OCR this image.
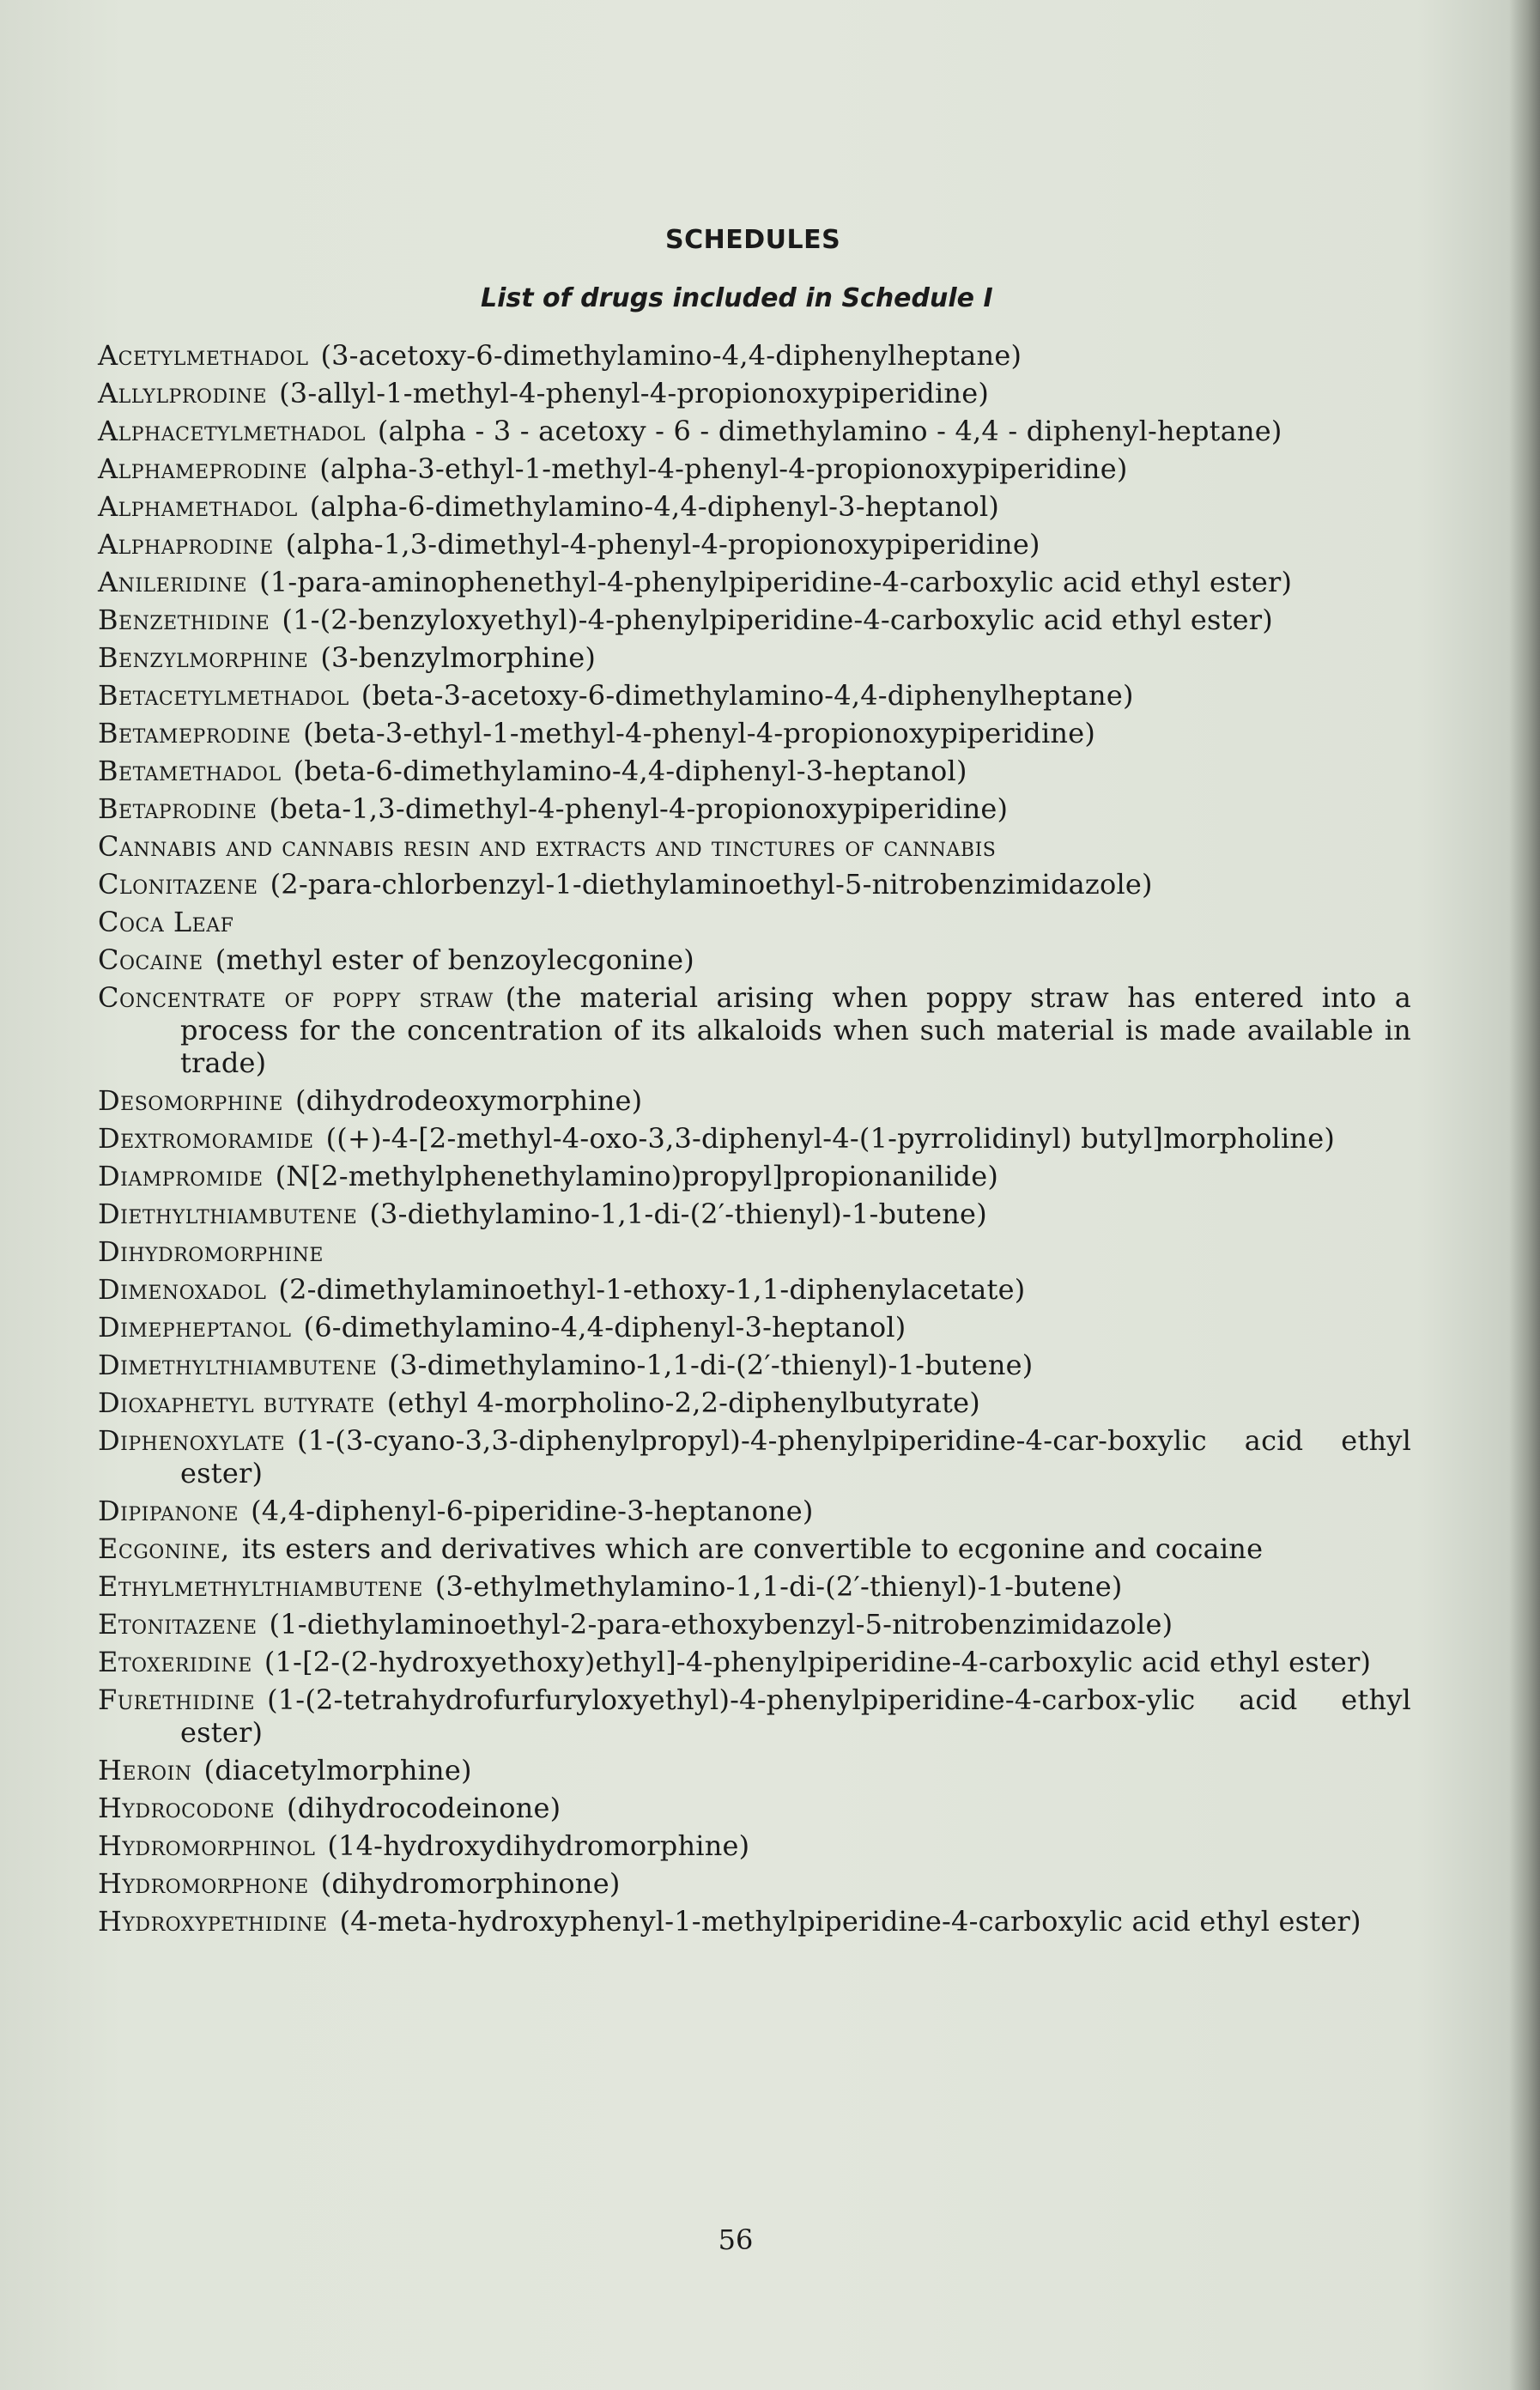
SCHEDULES
List of drugs included in Schedule I

Acetylmethadol (3-acetoxy-6-dimethylamino-4,4-diphenylheptane)

Allylprodine (3-allyl-1-methyl-4-phenyl-4-propionoxypiperidine)

Alphacetylmethadol (alpha - 3 - acetoxy - 6 - dimethylamino - 4,4 - diphenyl-heptane)

Alphameprodine (alpha-3-ethyl-1-methyl-4-phenyl-4-propionoxypiperidine)

Alphamethadol (alpha-6-dimethylamino-4,4-diphenyl-3-heptanol)

Alphaprodine (alpha-1,3-dimethyl-4-phenyl-4-propionoxypiperidine)

Anileridine (1-para-aminophenethyl-4-phenylpiperidine-4-carboxylic acid ethyl ester)

Benzethidine (1-(2-benzyloxyethyl)-4-phenylpiperidine-4-carboxylic acid ethyl ester)

Benzylmorphine (3-benzylmorphine)

Betacetylmethadol (beta-3-acetoxy-6-dimethylamino-4,4-diphenylheptane)

Betameprodine (beta-3-ethyl-1-methyl-4-phenyl-4-propionoxypiperidine)

Betamethadol (beta-6-dimethylamino-4,4-diphenyl-3-heptanol)

Betaprodine (beta-1,3-dimethyl-4-phenyl-4-propionoxypiperidine)

Cannabis and cannabis resin and extracts and tinctures of cannabis

Clonitazene (2-para-chlorbenzyl-1-diethylaminoethyl-5-nitrobenzimidazole)

Coca Leaf

Cocaine (methyl ester of benzoylecgonine)

Concentrate of poppy straw (the material arising when poppy straw has entered into a process for the concentration of its alkaloids when such material is made available in trade)

Desomorphine (dihydrodeoxymorphine)

Dextromoramide ((+)-4-[2-methyl-4-oxo-3,3-diphenyl-4-(1-pyrrolidinyl) butyl]morpholine)

Diampromide (N[2-methylphenethylamino)propyl]propionanilide)

Diethylthiambutene (3-diethylamino-1,1-di-(2′-thienyl)-1-butene)

Dihydromorphine

Dimenoxadol (2-dimethylaminoethyl-1-ethoxy-1,1-diphenylacetate)

Dimepheptanol (6-dimethylamino-4,4-diphenyl-3-heptanol)

Dimethylthiambutene (3-dimethylamino-1,1-di-(2′-thienyl)-1-butene)

Dioxaphetyl butyrate (ethyl 4-morpholino-2,2-diphenylbutyrate)

Diphenoxylate (1-(3-cyano-3,3-diphenylpropyl)-4-phenylpiperidine-4-car-boxylic acid ethyl ester)

Dipipanone (4,4-diphenyl-6-piperidine-3-heptanone)

Ecgonine, its esters and derivatives which are convertible to ecgonine and cocaine

Ethylmethylthiambutene (3-ethylmethylamino-1,1-di-(2′-thienyl)-1-butene)

Etonitazene (1-diethylaminoethyl-2-para-ethoxybenzyl-5-nitrobenzimidazole)

Etoxeridine (1-[2-(2-hydroxyethoxy)ethyl]-4-phenylpiperidine-4-carboxylic acid ethyl ester)

Furethidine (1-(2-tetrahydrofurfuryloxyethyl)-4-phenylpiperidine-4-carbox-ylic acid ethyl ester)

Heroin (diacetylmorphine)

Hydrocodone (dihydrocodeinone)

Hydromorphinol (14-hydroxydihydromorphine)

Hydromorphone (dihydromorphinone)

Hydroxypethidine (4-meta-hydroxyphenyl-1-methylpiperidine-4-carboxylic acid ethyl ester)

56
